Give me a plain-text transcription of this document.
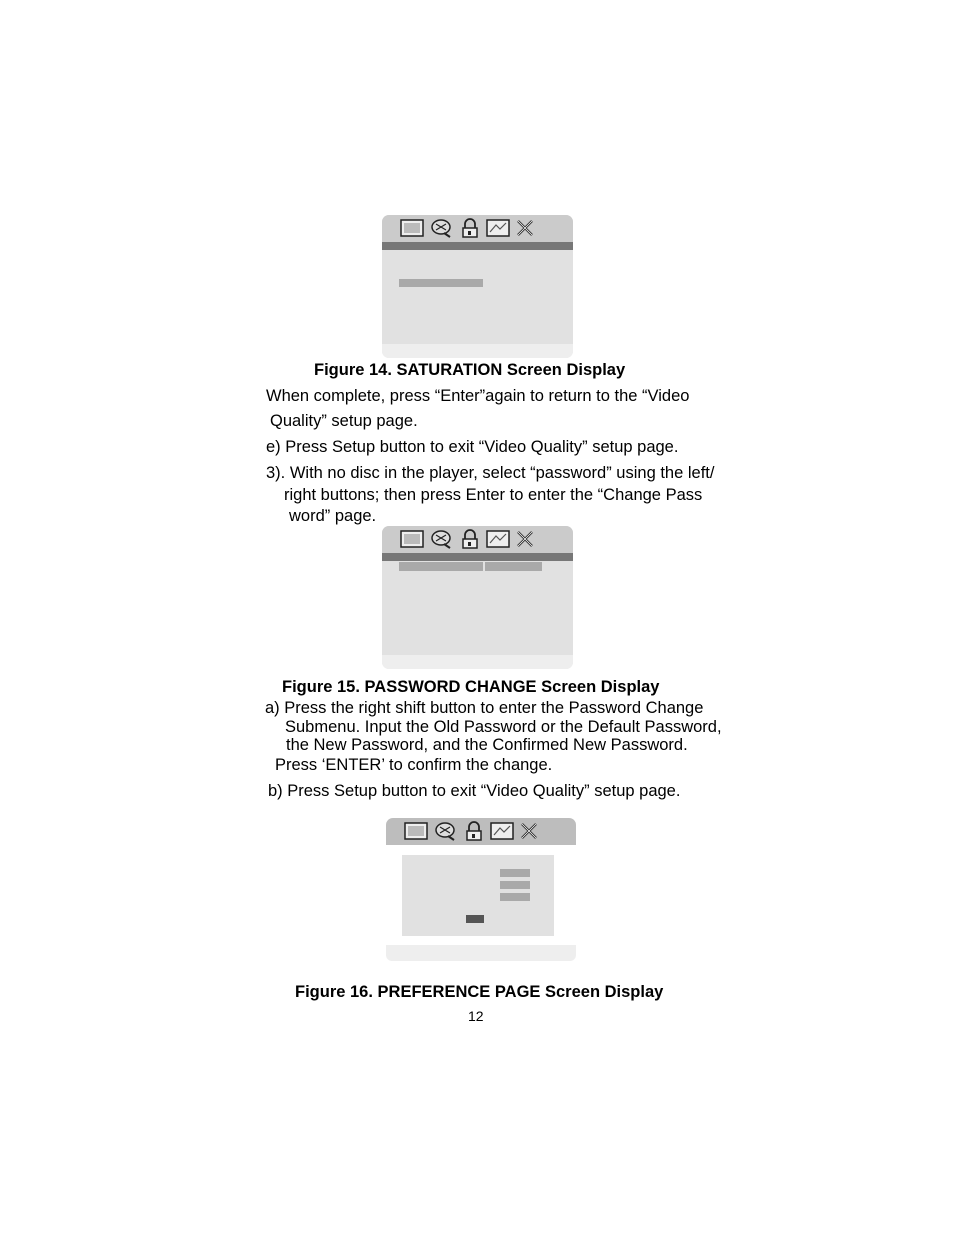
Figure 14. SATURATION Screen Display
When complete, press “Enter”again to return to the “Video
Quality” setup page.
e) Press Setup button to exit “Video Quality” setup page.
3). With no disc in the player, select “password” using the left/
right buttons; then press Enter to enter the “Change Pass
word” page.
Figure 15. PASSWORD CHANGE Screen Display
a) Press the right shift button to enter the Password Change
Submenu. Input the Old Password or the Default Password,
the New Password, and the Confirmed New Password.
Press ‘ENTER’ to confirm the change.
b) Press Setup button to exit “Video Quality” setup page.
Figure 16. PREFERENCE PAGE Screen Display
12
